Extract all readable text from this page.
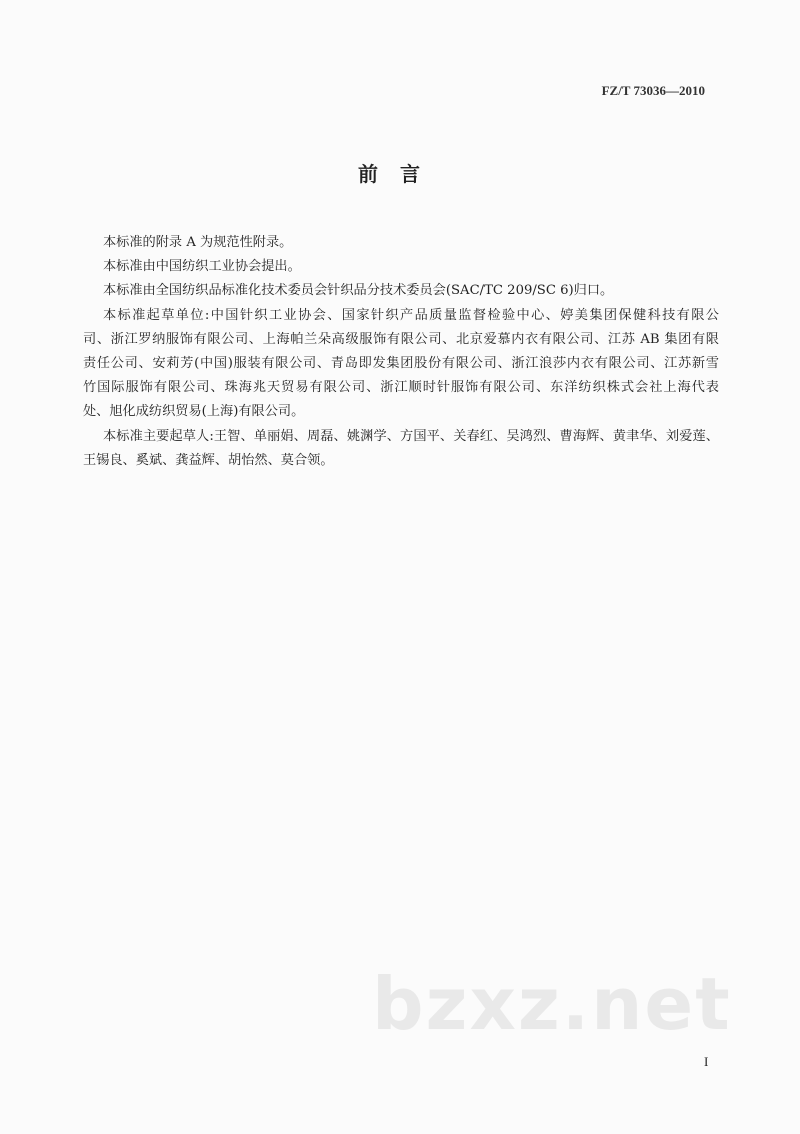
FZ/T 73036—2010
前言
本标准的附录 A 为规范性附录。
本标准由中国纺织工业协会提出。
本标准由全国纺织品标准化技术委员会针织品分技术委员会(SAC/TC 209/SC 6)归口。
本标准起草单位:中国针织工业协会、国家针织产品质量监督检验中心、婷美集团保健科技有限公
司、浙江罗纳服饰有限公司、上海帕兰朵高级服饰有限公司、北京爱慕内衣有限公司、江苏 AB 集团有限
责任公司、安莉芳(中国)服装有限公司、青岛即发集团股份有限公司、浙江浪莎内衣有限公司、江苏新雪
竹国际服饰有限公司、珠海兆天贸易有限公司、浙江顺时针服饰有限公司、东洋纺织株式会社上海代表
处、旭化成纺织贸易(上海)有限公司。
本标准主要起草人:王智、单丽娟、周磊、姚渊学、方国平、关春红、吴鸿烈、曹海辉、黄聿华、刘爱莲、
王锡良、奚斌、龚益辉、胡怡然、莫合领。
bzxz.net
I
